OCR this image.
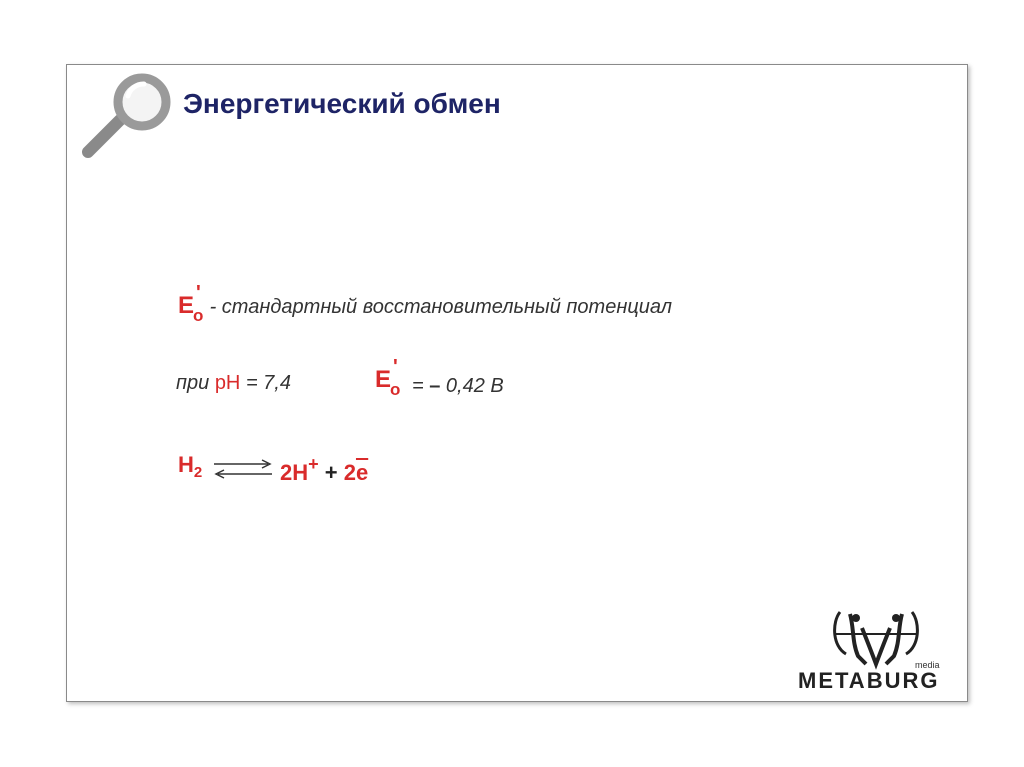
Энергетический обмен
E
o
'
- стандартный восстановительный потенциал
при pH = 7,4	E
o
'
= – 0,42 В
$H_2$ ⇌ $2H^+ + 2\overline{e}$
media
METABURG
